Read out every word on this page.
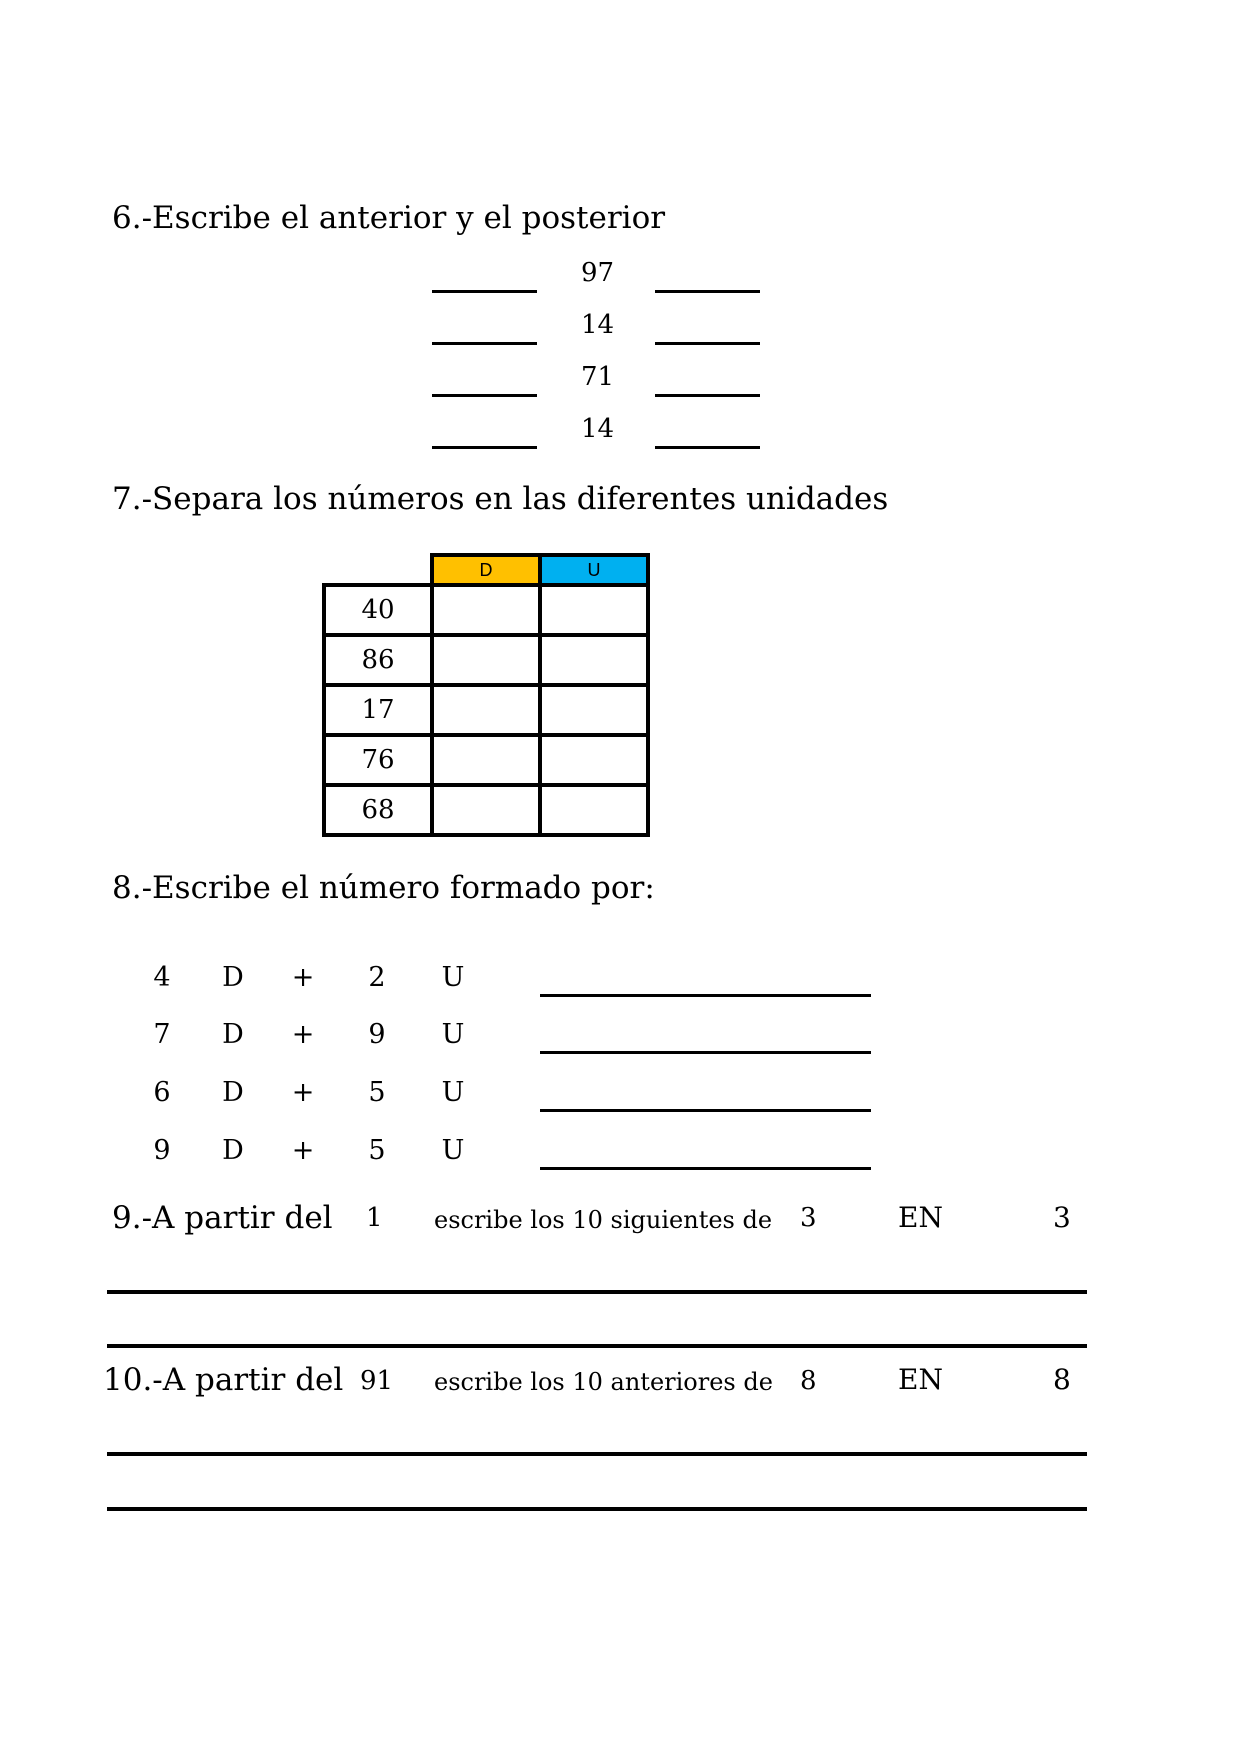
6.-Escribe el anterior y el posterior
97
14
71
14
7.-Separa los números en las diferentes unidades
	D	U
40		
86		
17		
76		
68		
8.-Escribe el número formado por:
4	D	+	2	U
7	D	+	9	U
6	D	+	5	U
9	D	+	5	U
9.-A partir del 1 escribe los 10 siguientes de 3	EN	3
10.-A partir del 91 escribe los 10 anteriores de 8	EN	8
